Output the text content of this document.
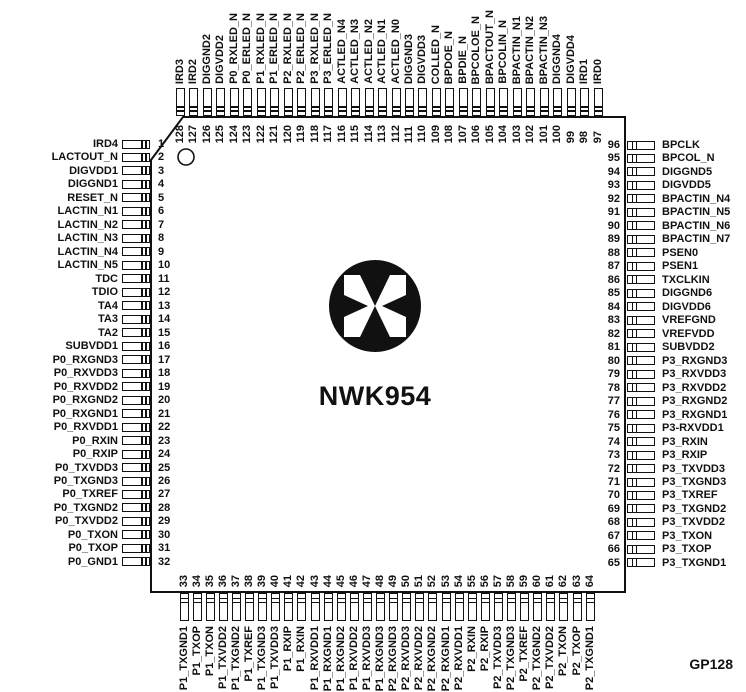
NWK954
GP128
IRD4	1
LACTOUT_N	2
DIGVDD1	3
DIGGND1	4
RESET_N	5
LACTIN_N1	6
LACTIN_N2	7
LACTIN_N3	8
LACTIN_N4	9
LACTIN_N5	10
TDC	11
TDIO	12
TA4	13
TA3	14
TA2	15
SUBVDD1	16
P0_RXGND3	17
P0_RXVDD3	18
P0_RXVDD2	19
P0_RXGND2	20
P0_RXGND1	21
P0_RXVDD1	22
P0_RXIN	23
P0_RXIP	24
P0_TXVDD3	25
P0_TXGND3	26
P0_TXREF	27
P0_TXGND2	28
P0_TXVDD2	29
P0_TXON	30
P0_TXOP	31
P0_GND1	32
96	BPCLK
95	BPCOL_N
94	DIGGND5
93	DIGVDD5
92	BPACTIN_N4
91	BPACTIN_N5
90	BPACTIN_N6
89	BPACTIN_N7
88	PSEN0
87	PSEN1
86	TXCLKIN
85	DIGGND6
84	DIGVDD6
83	VREFGND
82	VREFVDD
81	SUBVDD2
80	P3_RXGND3
79	P3_RXVDD3
78	P3_RXVDD2
77	P3_RXGND2
76	P3_RXGND1
75	P3-RXVDD1
74	P3_RXIN
73	P3_RXIP
72	P3_TXVDD3
71	P3_TXGND3
70	P3_TXREF
69	P3_TXGND2
68	P3_TXVDD2
67	P3_TXON
66	P3_TXOP
65	P3_TXGND1
IRD3
128
IRD2
127
DIGGND2
126
DIGVDD2
125
P0_RXLED_N
124
P0_ERLED_N
123
P1_RXLED_N
122
P1_ERLED_N
121
P2_RXLED_N
120
P2_ERLED_N
119
P3_RXLED_N
118
P3_ERLED_N
117
ACTLED_N4
116
ACTLED_N3
115
ACTLED_N2
114
ACTLED_N1
113
ACTLED_N0
112
DIGGND3
111
DIGVDD3
110
COLLED_N
109
BPDOE_N
108
BPDIE_N
107
BPCOLOE_N
106
BPACTOUT_N
105
BPCOLIN_N
104
BPACTIN_N1
103
BPACTIN_N2
102
BPACTIN_N3
101
DIGGND4
100
DIGVDD4
99
IRD1
98
IRD0
97
33
P1_TXGND1
34
P1_TXOP
35
P1_TXON
36
P1_TXVDD2
37
P1_TXGND2
38
P1_TXREF
39
P1_TXGND3
40
P1_TXVDD3
41
P1_RXIP
42
P1_RXIN
43
P1_RXVDD1
44
P1_RXGND1
45
P1_RXGND2
46
P1_RXVDD2
47
P1_RXVDD3
48
P1_RXGND3
49
P2_RXGND3
50
P2_RXVDD3
51
P2_RXVDD2
52
P2_RXGND2
53
P2_RXGND1
54
P2_RXVDD1
55
P2_RXIN
56
P2_RXIP
57
P2_TXVDD3
58
P2_TXGND3
59
P2_TXREF
60
P2_TXGND2
61
P2_TXVDD2
62
P2_TXON
63
P2_TXOP
64
P2_TXGND1
